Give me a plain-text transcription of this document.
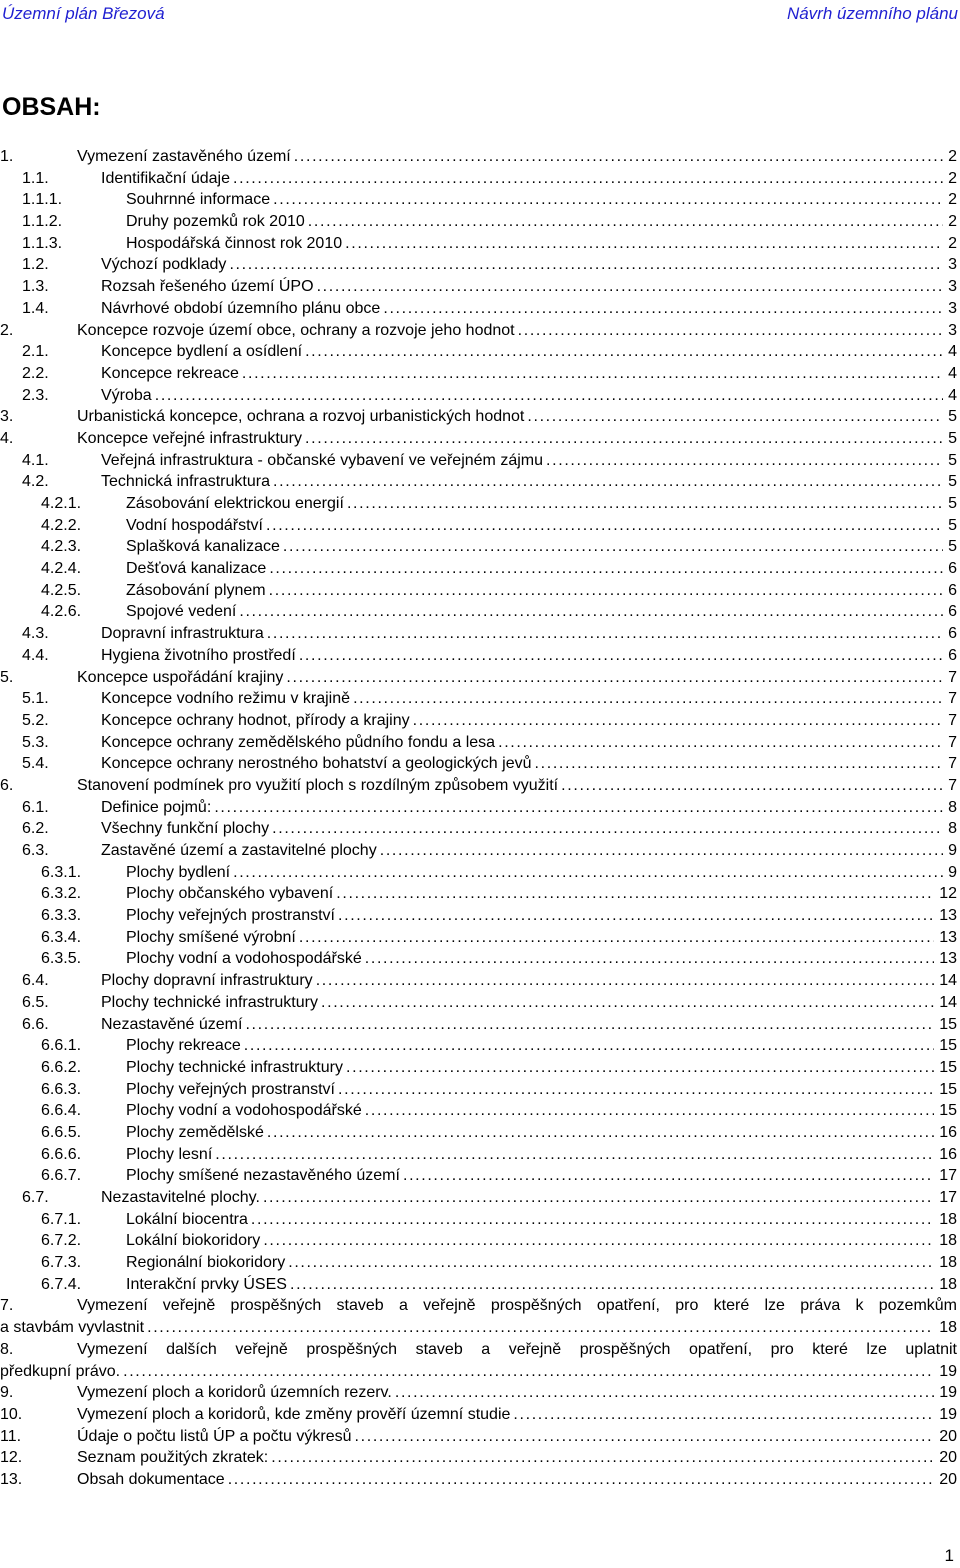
Územní plán Březová	Návrh územního plánu
OBSAH:
1.	Vymezení zastavěného území . . .	2
1.1.	Identifikační údaje . . .	2
1.1.1.	Souhrnné informace . . .	2
1.1.2.	Druhy pozemků rok 2010 . . .	2
1.1.3.	Hospodářská činnost rok 2010 . . .	2
1.2.	Výchozí podklady . . .	3
1.3.	Rozsah řešeného území ÚPO . . .	3
1.4.	Návrhové období územního plánu obce . . .	3
2.	Koncepce rozvoje území obce, ochrany a rozvoje jeho hodnot . . .	3
2.1.	Koncepce bydlení a osídlení . . .	4
2.2.	Koncepce rekreace . . .	4
2.3.	Výroba . . .	4
3.	Urbanistická koncepce, ochrana a rozvoj urbanistických hodnot . . .	5
4.	Koncepce veřejné infrastruktury . . .	5
4.1.	Veřejná infrastruktura - občanské vybavení ve veřejném zájmu . . .	5
4.2.	Technická infrastruktura . . .	5
4.2.1.	Zásobování elektrickou energií . . .	5
4.2.2.	Vodní hospodářství . . .	5
4.2.3.	Splašková kanalizace . . .	5
4.2.4.	Dešťová kanalizace . . .	6
4.2.5.	Zásobování plynem . . .	6
4.2.6.	Spojové vedení . . .	6
4.3.	Dopravní infrastruktura . . .	6
4.4.	Hygiena životního prostředí . . .	6
5.	Koncepce uspořádání krajiny . . .	7
5.1.	Koncepce vodního režimu v krajině . . .	7
5.2.	Koncepce ochrany hodnot, přírody a krajiny . . .	7
5.3.	Koncepce ochrany zemědělského půdního fondu a lesa . . .	7
5.4.	Koncepce ochrany nerostného bohatství a geologických jevů . . .	7
6.	Stanovení podmínek pro využití ploch s rozdílným způsobem využití . . .	7
6.1.	Definice pojmů: . . .	8
6.2.	Všechny funkční plochy . . .	8
6.3.	Zastavěné území a zastavitelné plochy . . .	9
6.3.1.	Plochy bydlení . . .	9
6.3.2.	Plochy občanského vybavení . . .	12
6.3.3.	Plochy veřejných prostranství . . .	13
6.3.4.	Plochy smíšené výrobní . . .	13
6.3.5.	Plochy vodní a vodohospodářské . . .	13
6.4.	Plochy dopravní infrastruktury . . .	14
6.5.	Plochy technické infrastruktury . . .	14
6.6.	Nezastavěné území . . .	15
6.6.1.	Plochy rekreace . . .	15
6.6.2.	Plochy technické infrastruktury . . .	15
6.6.3.	Plochy veřejných prostranství . . .	15
6.6.4.	Plochy vodní a vodohospodářské . . .	15
6.6.5.	Plochy zemědělské . . .	16
6.6.6.	Plochy lesní . . .	16
6.6.7.	Plochy smíšené nezastavěného území . . .	17
6.7.	Nezastavitelné plochy. . . .	17
6.7.1.	Lokální biocentra . . .	18
6.7.2.	Lokální biokoridory . . .	18
6.7.3.	Regionální biokoridory . . .	18
6.7.4.	Interakční prvky ÚSES . . .	18
7.	Vymezení veřejně prospěšných staveb a veřejně prospěšných opatření, pro které lze práva k pozemkům
a stavbám vyvlastnit . . .	18
8.	Vymezení dalších veřejně prospěšných staveb a veřejně prospěšných opatření, pro které lze uplatnit
předkupní právo. . . .	19
9.	Vymezení ploch a koridorů územních rezerv. . . .	19
10.	Vymezení ploch a koridorů, kde změny prověří územní studie . . .	19
11.	Údaje o počtu listů ÚP a počtu výkresů . . .	20
12.	Seznam použitých zkratek: . . .	20
13.	Obsah dokumentace . . .	20
1
